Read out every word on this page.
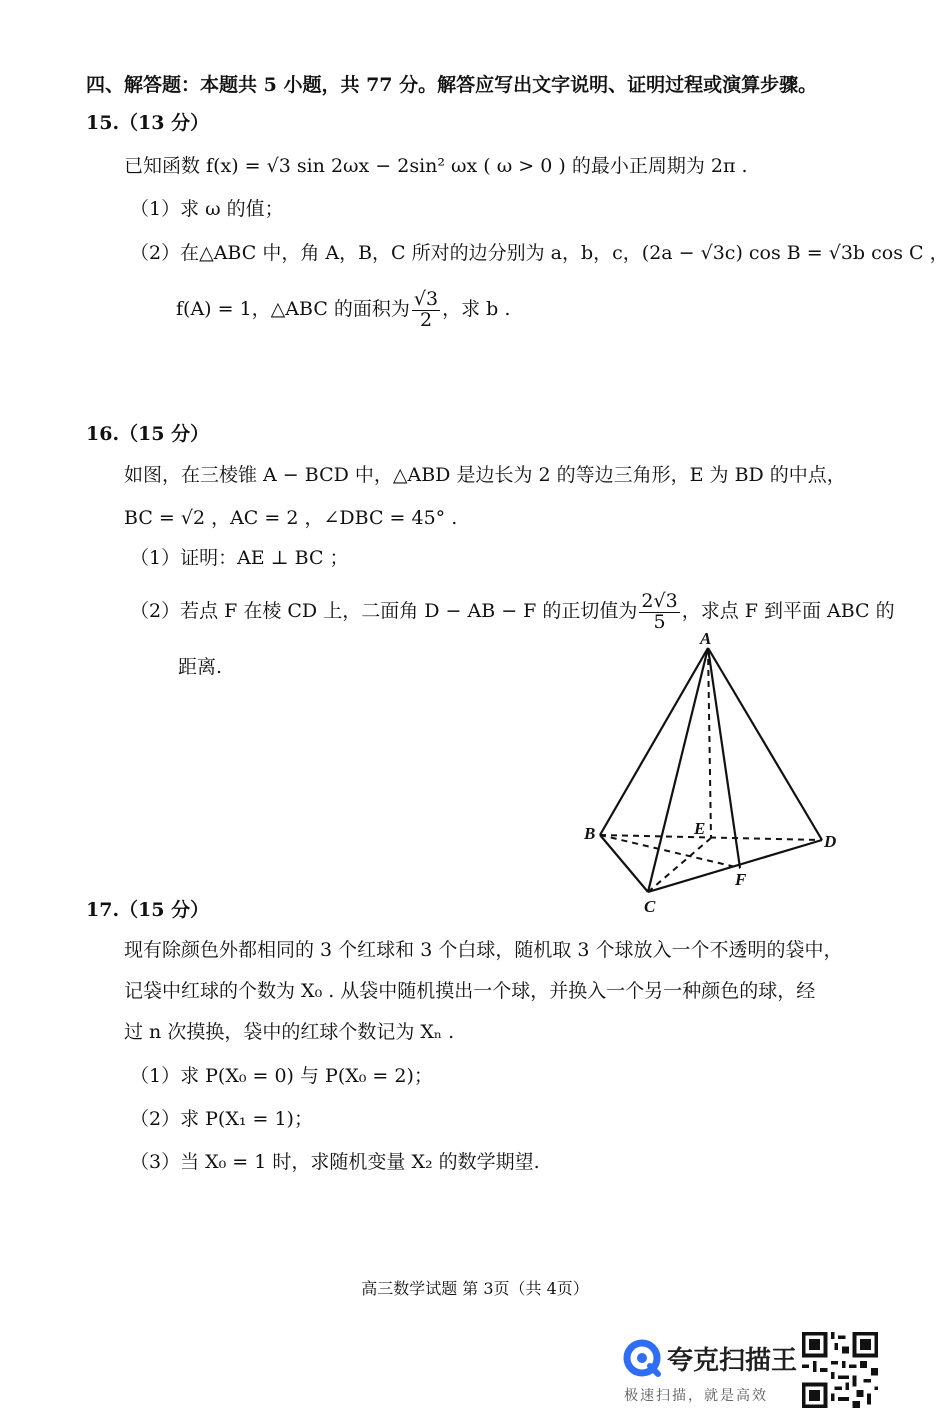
四、解答题：本题共 5 小题，共 77 分。解答应写出文字说明、证明过程或演算步骤。
15.（13 分）
已知函数 f(x) = √3 sin 2ωx − 2sin² ωx ( ω > 0 ) 的最小正周期为 2π .
（1）求 ω 的值；
（2）在△ABC 中，角 A，B，C 所对的边分别为 a，b，c，(2a − √3c) cos B = √3b cos C ，
f(A) = 1，△ABC 的面积为 $\frac{√3}{2}$ ，求 b .
16.（15 分）
如图，在三棱锥 A − BCD 中，△ABD 是边长为 2 的等边三角形，E 为 BD 的中点，
BC = √2 ，AC = 2 ，∠DBC = 45° .
（1）证明：AE ⊥ BC ；
（2）若点 F 在棱 CD 上，二面角 D − AB − F 的正切值为 $\frac{2√3}{5}$ ，求点 F 到平面 ABC 的
距离.
A
B
C
D
E
F
17.（15 分）
现有除颜色外都相同的 3 个红球和 3 个白球，随机取 3 个球放入一个不透明的袋中，
记袋中红球的个数为 X₀ . 从袋中随机摸出一个球，并换入一个另一种颜色的球，经
过 n 次摸换，袋中的红球个数记为 Xₙ .
（1）求 P(X₀ = 0) 与 P(X₀ = 2)；
（2）求 P(X₁ = 1)；
（3）当 X₀ = 1 时，求随机变量 X₂ 的数学期望.
高三数学试题 第 3页（共 4页）
夸克扫描王
极速扫描，就是高效
